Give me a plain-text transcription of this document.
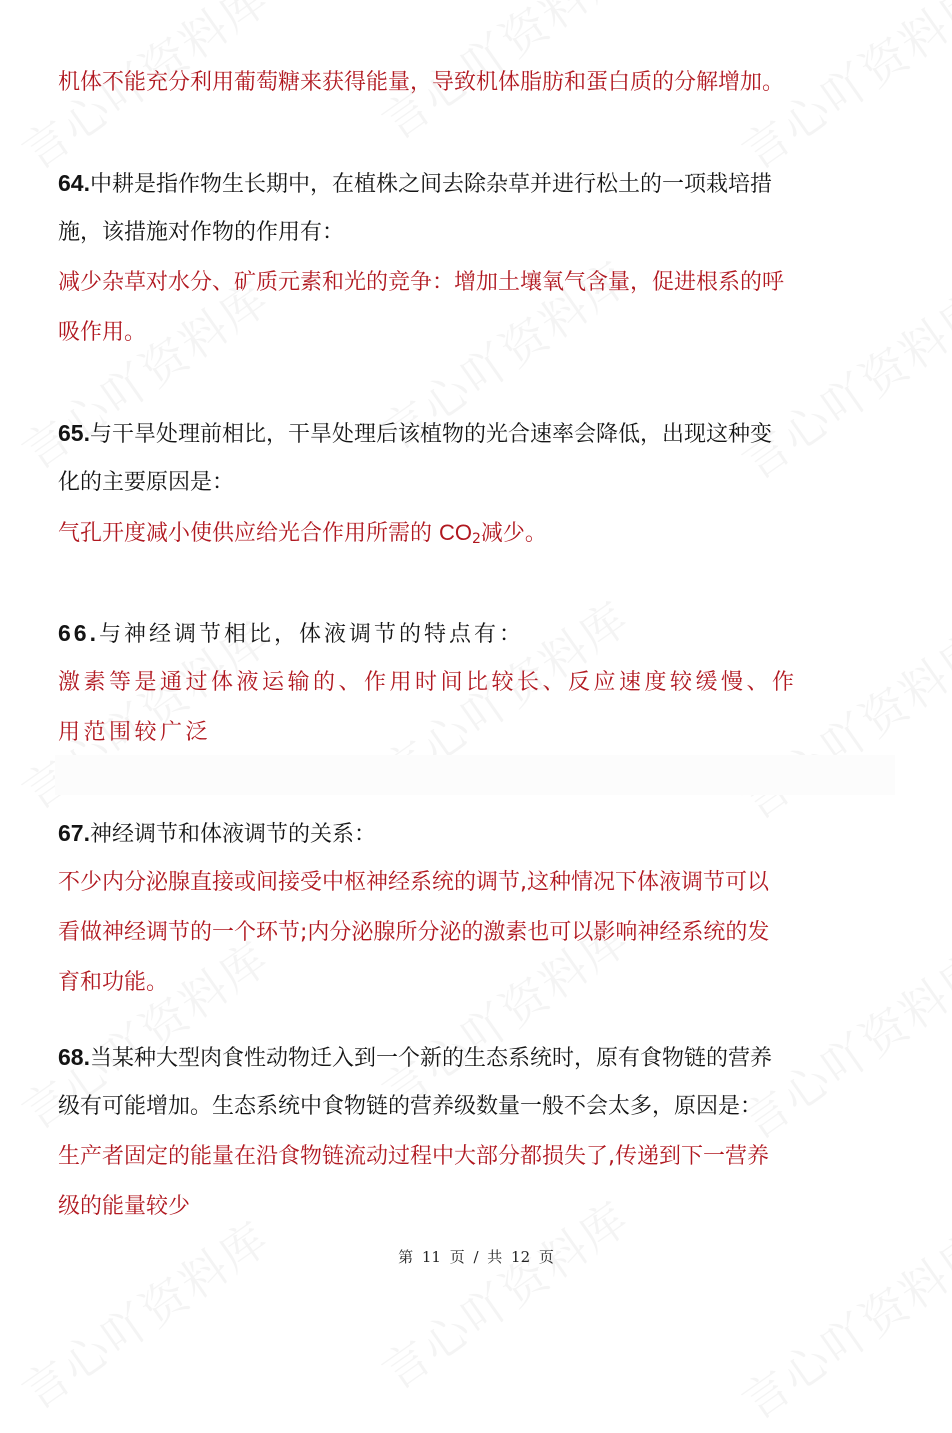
机体不能充分利用葡萄糖来获得能量，导致机体脂肪和蛋白质的分解增加。
64.中耕是指作物生长期中，在植株之间去除杂草并进行松土的一项栽培措
施，该措施对作物的作用有：
减少杂草对水分、矿质元素和光的竞争：增加土壤氧气含量，促进根系的呼
吸作用。
65.与干旱处理前相比，干旱处理后该植物的光合速率会降低，出现这种变
化的主要原因是：
气孔开度减小使供应给光合作用所需的 $CO_2$减少。
66.与神经调节相比，体液调节的特点有：
激素等是通过体液运输的、作用时间比较长、反应速度较缓慢、作
用范围较广泛
67.神经调节和体液调节的关系：
不少内分泌腺直接或间接受中枢神经系统的调节,这种情况下体液调节可以
看做神经调节的一个环节;内分泌腺所分泌的激素也可以影响神经系统的发
育和功能。
68.当某种大型肉食性动物迁入到一个新的生态系统时，原有食物链的营养
级有可能增加。生态系统中食物链的营养级数量一般不会太多，原因是：
生产者固定的能量在沿食物链流动过程中大部分都损失了,传递到下一营养
级的能量较少
第 11 页 / 共 12 页
